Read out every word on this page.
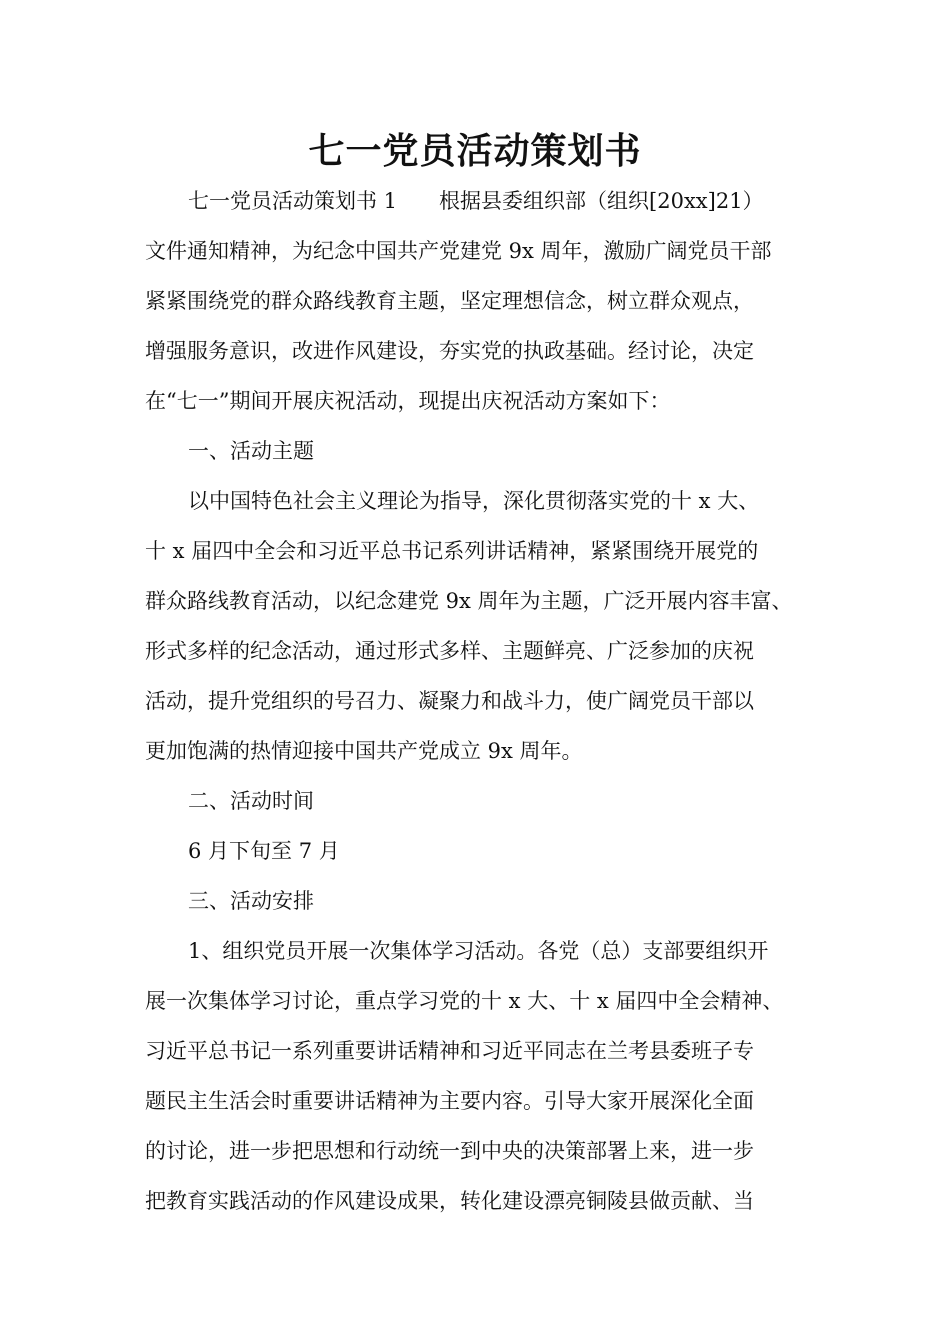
七一党员活动策划书
七一党员活动策划书 1　　根据县委组织部（组织[20xx]21）
文件通知精神，为纪念中国共产党建党 9x 周年，激励广阔党员干部
紧紧围绕党的群众路线教育主题，坚定理想信念，树立群众观点，
增强服务意识，改进作风建设，夯实党的执政基础。经讨论，决定
在“七一”期间开展庆祝活动，现提出庆祝活动方案如下：
一、活动主题
以中国特色社会主义理论为指导，深化贯彻落实党的十 x 大、
十 x 届四中全会和习近平总书记系列讲话精神，紧紧围绕开展党的
群众路线教育活动，以纪念建党 9x 周年为主题，广泛开展内容丰富、
形式多样的纪念活动，通过形式多样、主题鲜亮、广泛参加的庆祝
活动，提升党组织的号召力、凝聚力和战斗力，使广阔党员干部以
更加饱满的热情迎接中国共产党成立 9x 周年。
二、活动时间
6 月下旬至 7 月
三、活动安排
1、组织党员开展一次集体学习活动。各党（总）支部要组织开
展一次集体学习讨论，重点学习党的十 x 大、十 x 届四中全会精神、
习近平总书记一系列重要讲话精神和习近平同志在兰考县委班子专
题民主生活会时重要讲话精神为主要内容。引导大家开展深化全面
的讨论，进一步把思想和行动统一到中央的决策部署上来，进一步
把教育实践活动的作风建设成果，转化建设漂亮铜陵县做贡献、当
